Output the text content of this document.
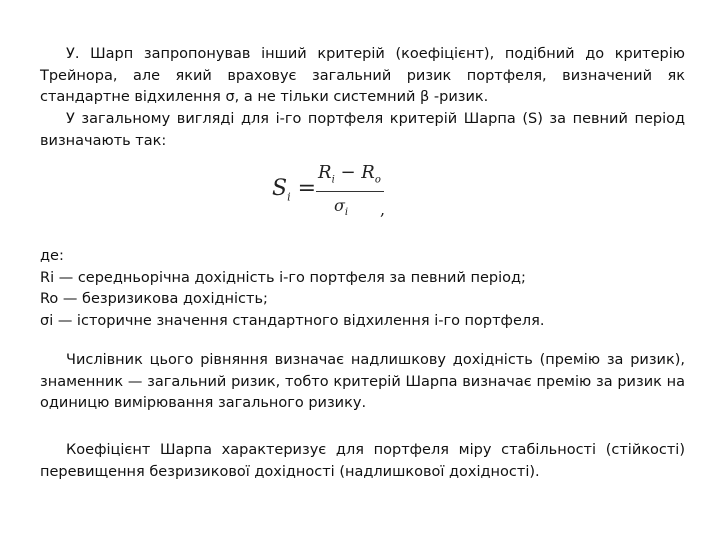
У. Шарп запропонував інший критерій (коефіцієнт), подібний до критерію Трейнора, але який враховує загальний ризик портфеля, визначений як стандартне відхилення σ, а не тільки системний β -ризик.

У загальному вигляді для і-го портфеля критерій Шарпа (S) за певний період визначають так:

$S_i$ =
$R_i - R_o$
$\sigma_i$ ,
де:
Ri — середньорічна дохідність і-го портфеля за певний період;
Ro — безризикова дохідність;
σі — історичне значення стандартного відхилення і-го портфеля.

Числівник цього рівняння визначає надлишкову дохідність (премію за ризик), знаменник — загальний ризик, тобто критерій Шарпа визначає премію за ризик на одиницю вимірювання загального ризику.

Коефіцієнт Шарпа характеризує для портфеля міру стабільності (стійкості) перевищення безризикової дохідності (надлишкової дохідності).
